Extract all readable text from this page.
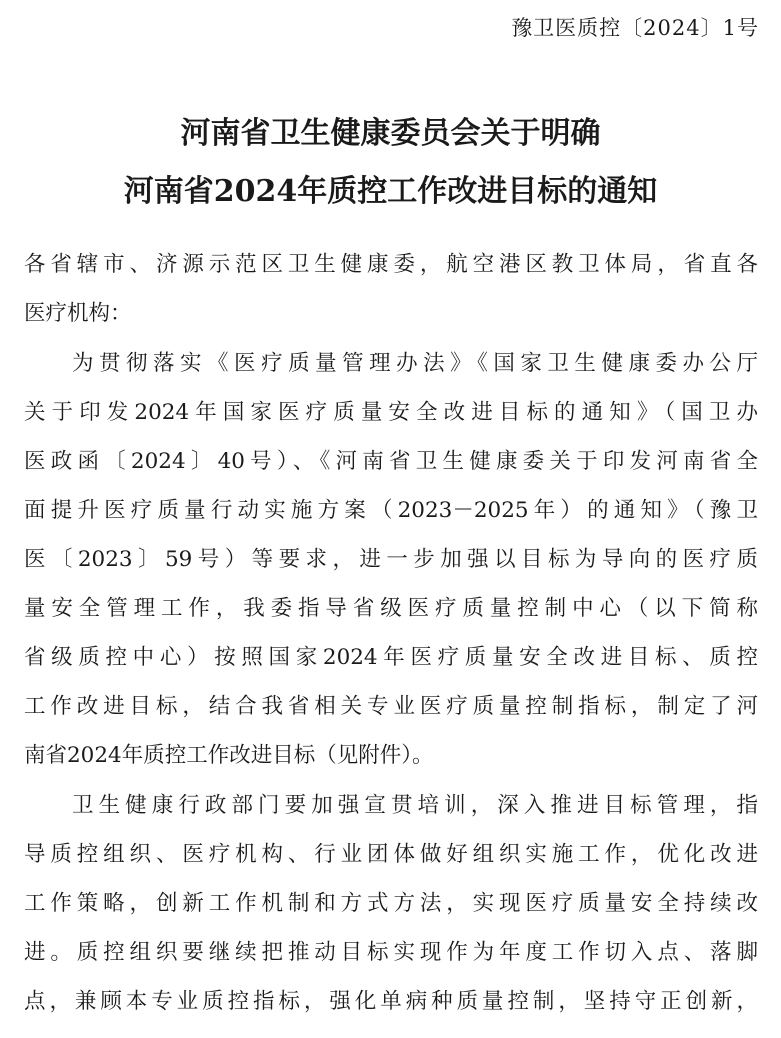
豫卫医质控〔2024〕1号
河南省卫生健康委员会关于明确
河南省2024年质控工作改进目标的通知
各省辖市、济源示范区卫生健康委，航空港区教卫体局，省直各
医疗机构：
为贯彻落实《医疗质量管理办法》《国家卫生健康委办公厅
关于印发2024年国家医疗质量安全改进目标的通知》（国卫办
医政函〔2024〕40号）、《河南省卫生健康委关于印发河南省全
面提升医疗质量行动实施方案（2023－2025年）的通知》（豫卫
医〔2023〕59号）等要求，进一步加强以目标为导向的医疗质
量安全管理工作，我委指导省级医疗质量控制中心（以下简称
省级质控中心）按照国家2024年医疗质量安全改进目标、质控
工作改进目标，结合我省相关专业医疗质量控制指标，制定了河
南省2024年质控工作改进目标（见附件）。
卫生健康行政部门要加强宣贯培训，深入推进目标管理，指
导质控组织、医疗机构、行业团体做好组织实施工作，优化改进
工作策略，创新工作机制和方式方法，实现医疗质量安全持续改
进。质控组织要继续把推动目标实现作为年度工作切入点、落脚
点，兼顾本专业质控指标，强化单病种质量控制，坚持守正创新，
